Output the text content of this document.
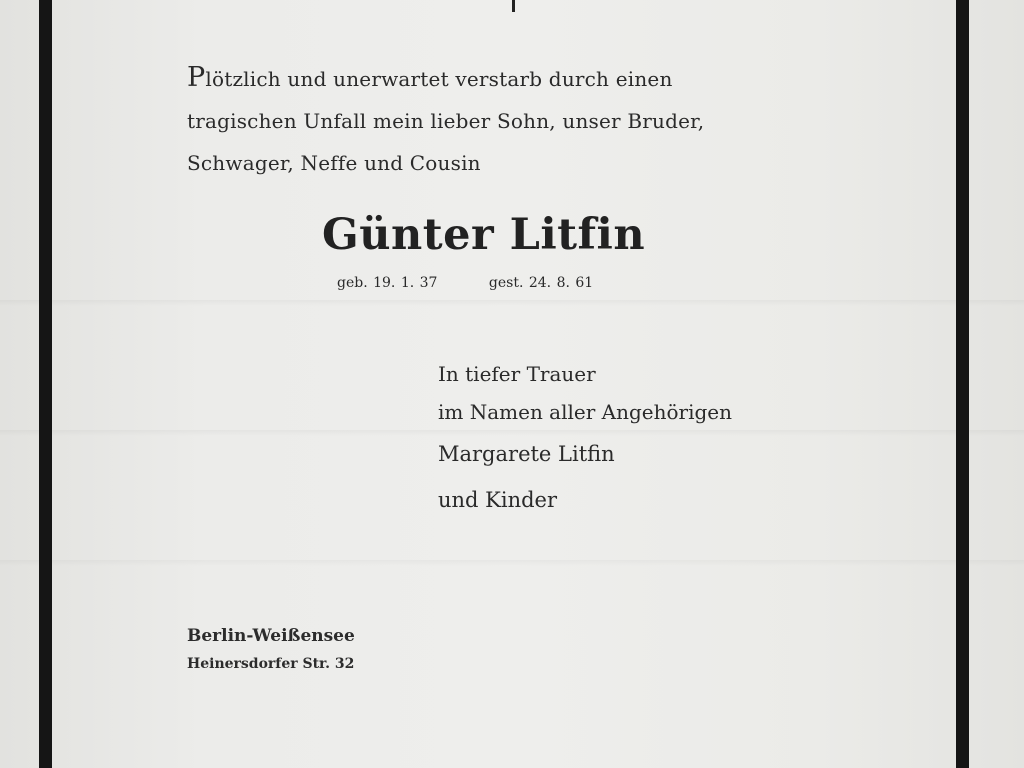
Plötzlich und unerwartet verstarb durch einen
tragischen Unfall mein lieber Sohn, unser Bruder,
Schwager, Neffe und Cousin

Günter Litfin

geb. 19. 1. 37	gest. 24. 8. 61

In tiefer Trauer
im Namen aller Angehörigen
Margarete Litfin
und Kinder

Berlin-Weißensee
Heinersdorfer Str. 32
